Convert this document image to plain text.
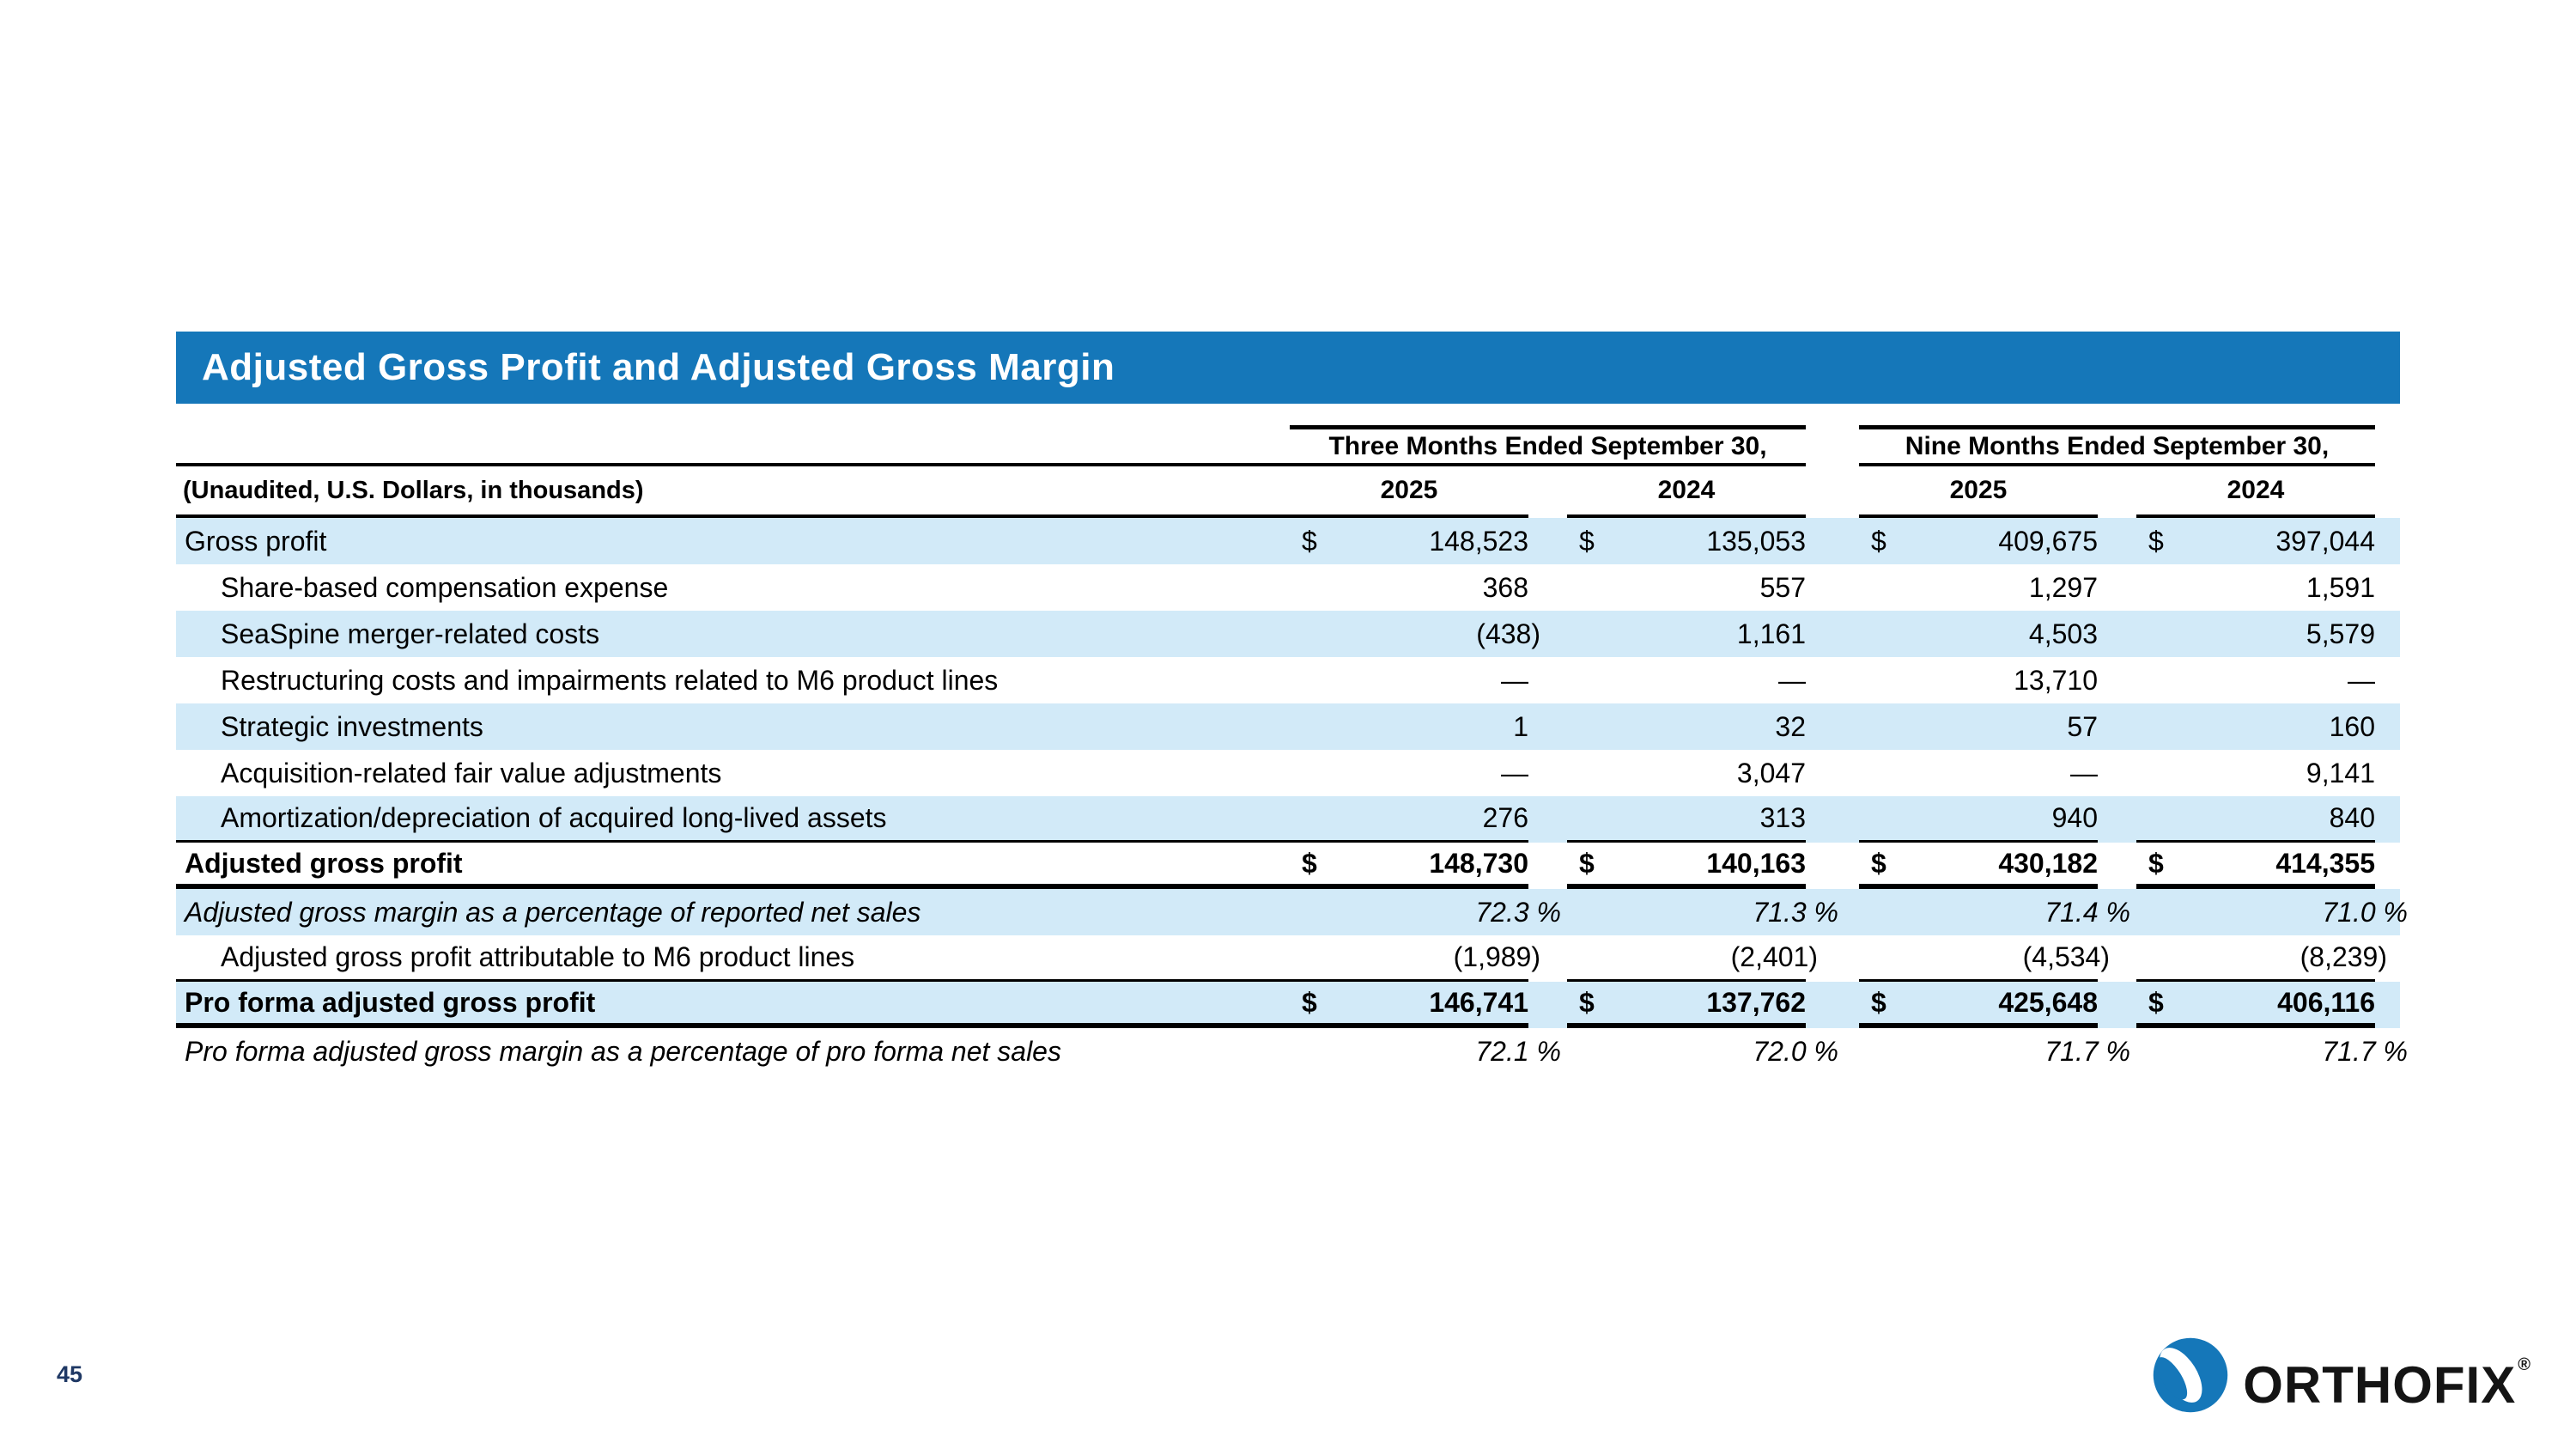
Adjusted Gross Profit and Adjusted Gross Margin
Three Months Ended September 30,	Nine Months Ended September 30,
(Unaudited, U.S. Dollars, in thousands)	2025	2024	2025	2024
Gross profit	$	148,523	$	135,053	$	409,675	$	397,044
Share-based compensation expense	368	557	1,297	1,591
SeaSpine merger-related costs	(438)	1,161	4,503	5,579
Restructuring costs and impairments related to M6 product lines	—	—	13,710	—
Strategic investments	1	32	57	160
Acquisition-related fair value adjustments	—	3,047	—	9,141
Amortization/depreciation of acquired long-lived assets	276	313	940	840
Adjusted gross profit	$	148,730	$	140,163	$	430,182	$	414,355
Adjusted gross margin as a percentage of reported net sales	72.3 %	71.3 %	71.4 %	71.0 %
Adjusted gross profit attributable to M6 product lines	(1,989)	(2,401)	(4,534)	(8,239)
Pro forma adjusted gross profit	$	146,741	$	137,762	$	425,648	$	406,116
Pro forma adjusted gross margin as a percentage of pro forma net sales	72.1 %	72.0 %	71.7 %	71.7 %
45	ORTHOFIX ®
